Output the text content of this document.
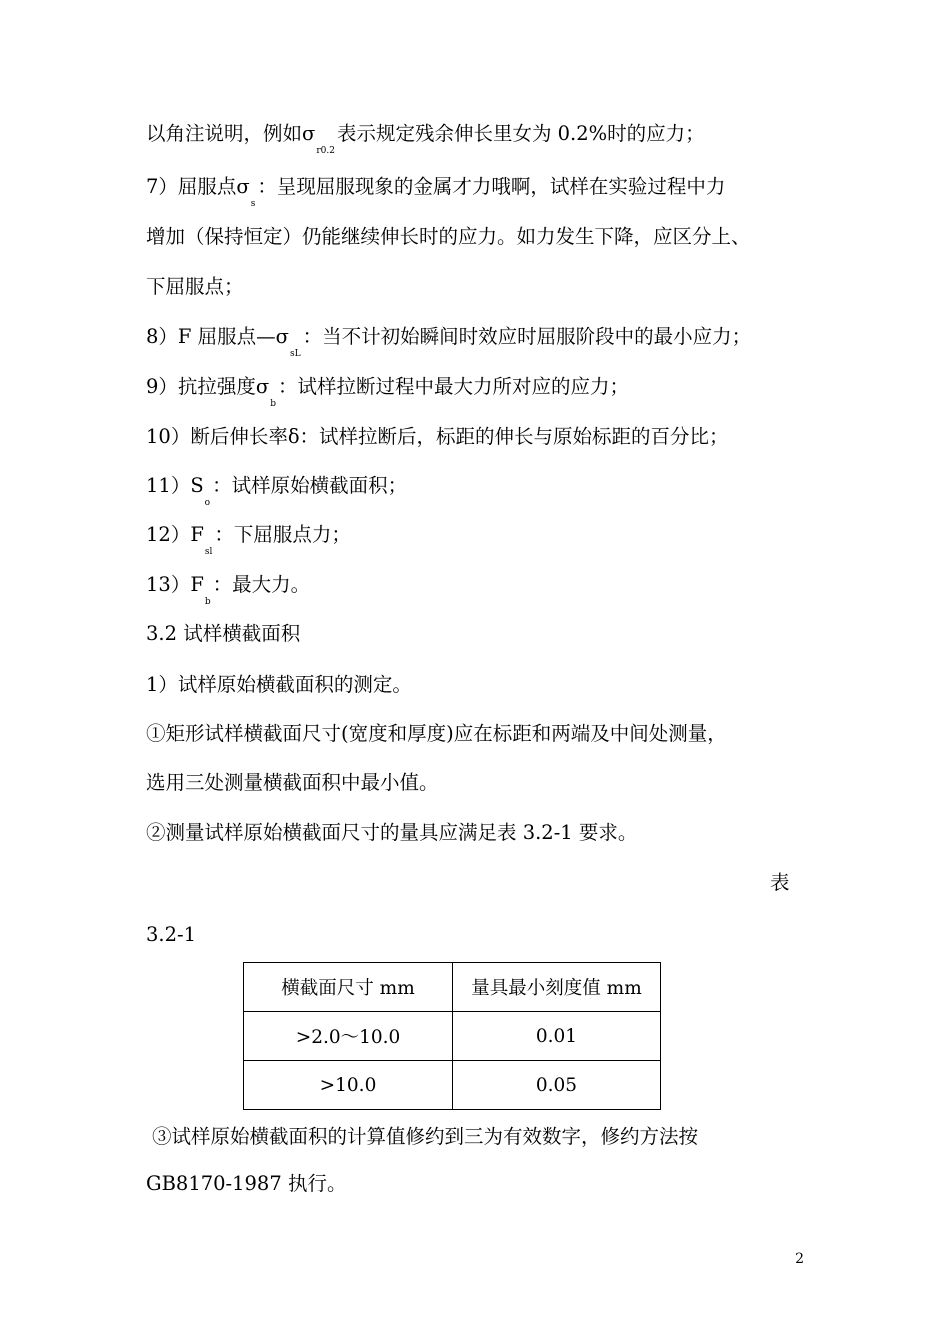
以角注说明，例如$\sigma_{r0.2}$表示规定残余伸长里女为 0.2%时的应力；
7）屈服点$\sigma_s$：呈现屈服现象的金属才力哦啊，试样在实验过程中力
增加（保持恒定）仍能继续伸长时的应力。如力发生下降，应区分上、
下屈服点；
8）F 屈服点$—\sigma_{sL}$：当不计初始瞬间时效应时屈服阶段中的最小应力；
9）抗拉强度$\sigma_b$：试样拉断过程中最大力所对应的应力；
10）断后伸长率δ：试样拉断后，标距的伸长与原始标距的百分比；
$11)S_o$：试样原始横截面积；
$12)F_{sl}$：下屈服点力；
$13)F_b$：最大力。
3.2 试样横截面积
1）试样原始横截面积的测定。
①矩形试样横截面尺寸(宽度和厚度)应在标距和两端及中间处测量，
选用三处测量横截面积中最小值。
②测量试样原始横截面尺寸的量具应满足表 3.2-1 要求。
表
3.2-1
横截面尺寸 mm	量具最小刻度值 mm
>2.0～10.0	0.01
>10.0	0.05
③试样原始横截面积的计算值修约到三为有效数字，修约方法按
GB8170-1987 执行。
2
